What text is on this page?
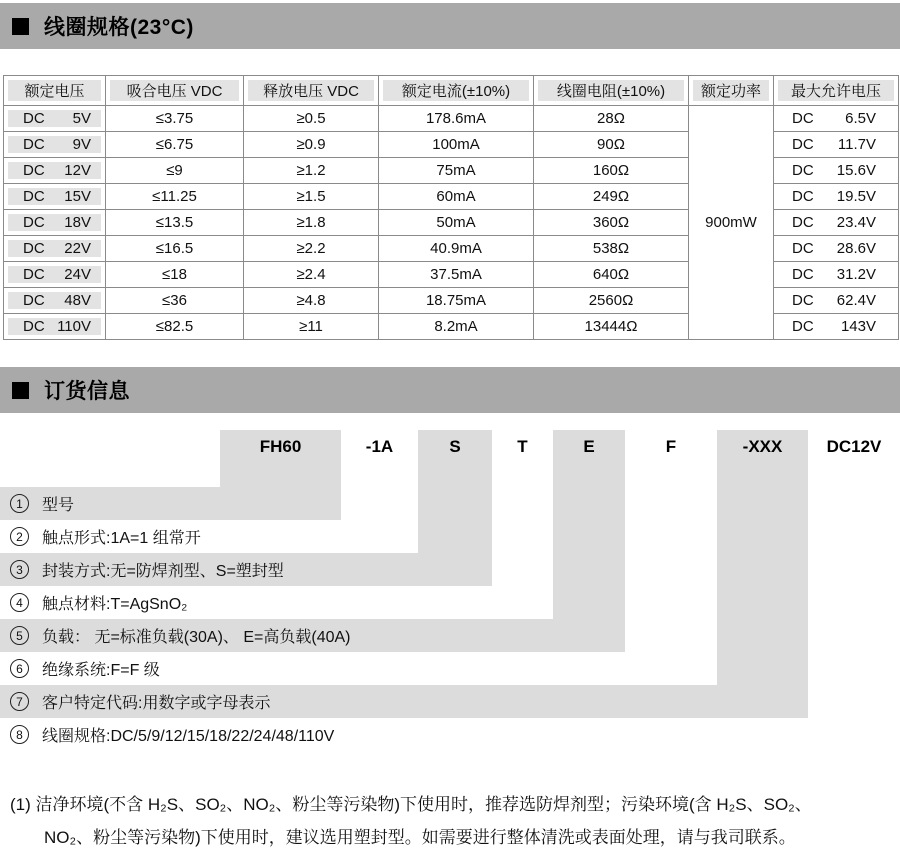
线圈规格(23°C)
额定电压	吸合电压 VDC	释放电压 VDC	额定电流(±10%)	线圈电阻(±10%)	额定功率	最大允许电压

DC 5V	≤3.75	≥0.5	178.6mA	28Ω	900mW	DC 6.5V

DC 9V	≤6.75	≥0.9	100mA	90Ω		DC 11.7V

DC 12V	≤9	≥1.2	75mA	160Ω		DC 15.6V

DC 15V	≤11.25	≥1.5	60mA	249Ω		DC 19.5V

DC 18V	≤13.5	≥1.8	50mA	360Ω		DC 23.4V

DC 22V	≤16.5	≥2.2	40.9mA	538Ω		DC 28.6V

DC 24V	≤18	≥2.4	37.5mA	640Ω		DC 31.2V

DC 48V	≤36	≥4.8	18.75mA	2560Ω		DC 62.4V

DC 110V	≤82.5	≥11	8.2mA	13444Ω		DC 143V
订货信息
FH60	-1A	S	T	E	F	-XXX	DC12V
1	型号
2	触点形式:1A=1 组常开
3	封装方式:无=防焊剂型、S=塑封型
4	触点材料:T=AgSnO₂
5	负载： 无=标准负载(30A)、 E=高负载(40A)
6	绝缘系统:F=F 级
7	客户特定代码:用数字或字母表示
8	线圈规格:DC/5/9/12/15/18/22/24/48/110V
(1) 洁净环境(不含 H₂S、SO₂、NO₂、粉尘等污染物)下使用时，推荐选防焊剂型；污染环境(含 H₂S、SO₂、
NO₂、粉尘等污染物)下使用时，建议选用塑封型。如需要进行整体清洗或表面处理，请与我司联系。
